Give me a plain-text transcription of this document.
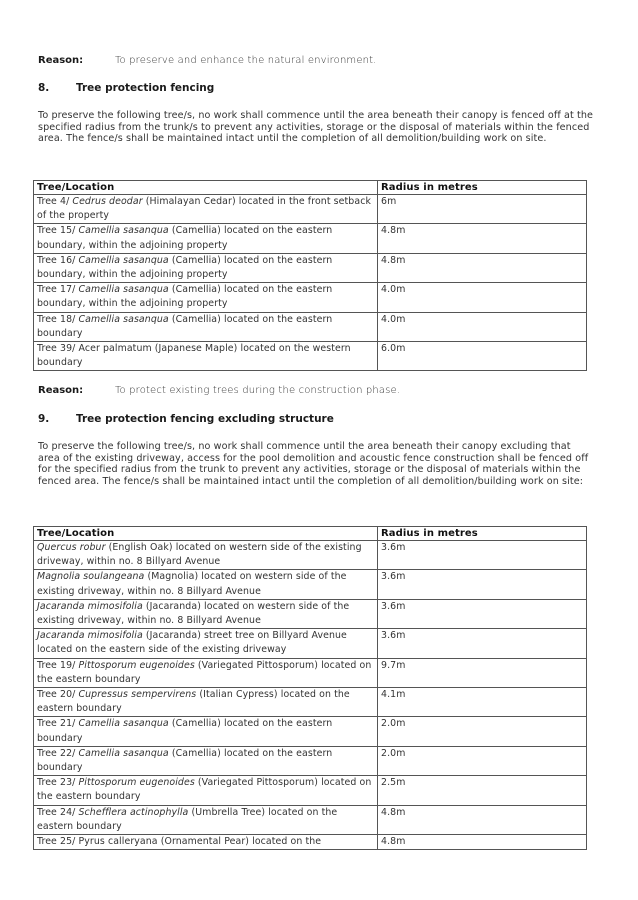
Reason:	To preserve and enhance the natural environment.
8.	Tree protection fencing

To preserve the following tree/s, no work shall commence until the area beneath their canopy is fenced off at the specified radius from the trunk/s to prevent any activities, storage or the disposal of materials within the fenced area. The fence/s shall be maintained intact until the completion of all demolition/building work on site.

Tree/Location	Radius in metres
Tree 4/ Cedrus deodar (Himalayan Cedar) located in the front setback of the property	6m
Tree 15/ Camellia sasanqua (Camellia) located on the eastern boundary, within the adjoining property	4.8m
Tree 16/ Camellia sasanqua (Camellia) located on the eastern boundary, within the adjoining property	4.8m
Tree 17/ Camellia sasanqua (Camellia) located on the eastern boundary, within the adjoining property	4.0m
Tree 18/ Camellia sasanqua (Camellia) located on the eastern boundary	4.0m
Tree 39/ Acer palmatum (Japanese Maple) located on the western boundary	6.0m
Reason:	To protect existing trees during the construction phase.
9.	Tree protection fencing excluding structure

To preserve the following tree/s, no work shall commence until the area beneath their canopy excluding that area of the existing driveway, access for the pool demolition and acoustic fence construction shall be fenced off for the specified radius from the trunk to prevent any activities, storage or the disposal of materials within the fenced area. The fence/s shall be maintained intact until the completion of all demolition/building work on site:

Tree/Location	Radius in metres
Quercus robur (English Oak) located on western side of the existing driveway, within no. 8 Billyard Avenue	3.6m
Magnolia soulangeana (Magnolia) located on western side of the existing driveway, within no. 8 Billyard Avenue	3.6m
Jacaranda mimosifolia (Jacaranda) located on western side of the existing driveway, within no. 8 Billyard Avenue	3.6m
Jacaranda mimosifolia (Jacaranda) street tree on Billyard Avenue located on the eastern side of the existing driveway	3.6m
Tree 19/ Pittosporum eugenoides (Variegated Pittosporum) located on the eastern boundary	9.7m
Tree 20/ Cupressus sempervirens (Italian Cypress) located on the eastern boundary	4.1m
Tree 21/ Camellia sasanqua (Camellia) located on the eastern boundary	2.0m
Tree 22/ Camellia sasanqua (Camellia) located on the eastern boundary	2.0m
Tree 23/ Pittosporum eugenoides (Variegated Pittosporum) located on the eastern boundary	2.5m
Tree 24/ Schefflera actinophylla (Umbrella Tree) located on the eastern boundary	4.8m
Tree 25/ Pyrus calleryana (Ornamental Pear) located on the	4.8m
